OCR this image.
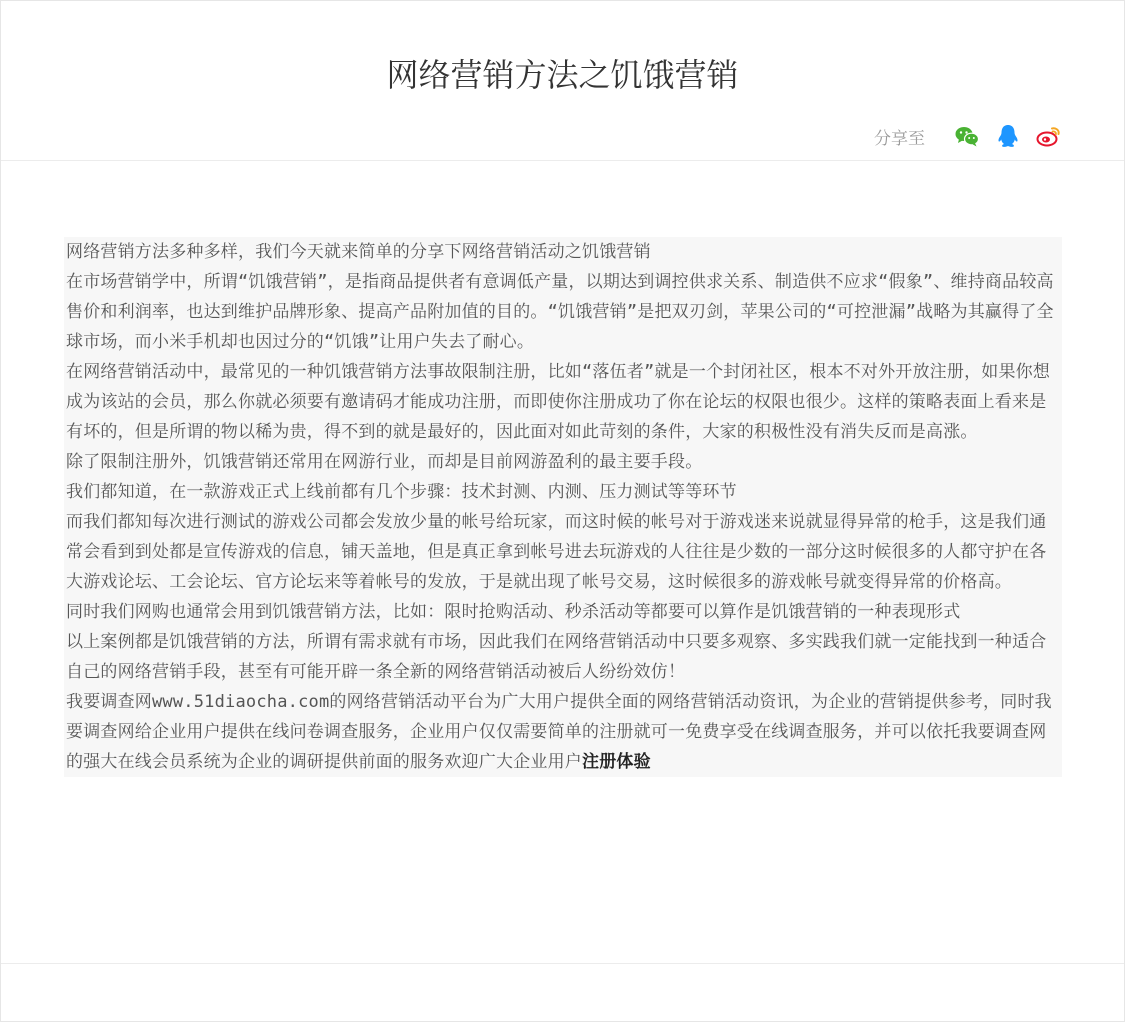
网络营销方法之饥饿营销
分享至

网络营销方法多种多样，我们今天就来简单的分享下网络营销活动之饥饿营销

在市场营销学中，所谓“饥饿营销”，是指商品提供者有意调低产量，以期达到调控供求关系、制造供不应求“假象”、维持商品较高售价和利润率，也达到维护品牌形象、提高产品附加值的目的。“饥饿营销”是把双刃剑，苹果公司的“可控泄漏”战略为其赢得了全球市场，而小米手机却也因过分的“饥饿”让用户失去了耐心。

在网络营销活动中，最常见的一种饥饿营销方法事故限制注册，比如“落伍者”就是一个封闭社区，根本不对外开放注册，如果你想成为该站的会员，那么你就必须要有邀请码才能成功注册，而即使你注册成功了你在论坛的权限也很少。这样的策略表面上看来是有坏的，但是所谓的物以稀为贵，得不到的就是最好的，因此面对如此苛刻的条件，大家的积极性没有消失反而是高涨。

除了限制注册外，饥饿营销还常用在网游行业，而却是目前网游盈利的最主要手段。

我们都知道，在一款游戏正式上线前都有几个步骤：技术封测、内测、压力测试等等环节

而我们都知每次进行测试的游戏公司都会发放少量的帐号给玩家，而这时候的帐号对于游戏迷来说就显得异常的枪手，这是我们通常会看到到处都是宣传游戏的信息，铺天盖地，但是真正拿到帐号进去玩游戏的人往往是少数的一部分这时候很多的人都守护在各大游戏论坛、工会论坛、官方论坛来等着帐号的发放，于是就出现了帐号交易，这时候很多的游戏帐号就变得异常的价格高。

同时我们网购也通常会用到饥饿营销方法，比如：限时抢购活动、秒杀活动等都要可以算作是饥饿营销的一种表现形式

以上案例都是饥饿营销的方法，所谓有需求就有市场，因此我们在网络营销活动中只要多观察、多实践我们就一定能找到一种适合自己的网络营销手段，甚至有可能开辟一条全新的网络营销活动被后人纷纷效仿！

我要调查网www.51diaocha.com的网络营销活动平台为广大用户提供全面的网络营销活动资讯，为企业的营销提供参考，同时我要调查网给企业用户提供在线问卷调查服务，企业用户仅仅需要简单的注册就可一免费享受在线调查服务，并可以依托我要调查网的强大在线会员系统为企业的调研提供前面的服务欢迎广大企业用户注册体验
